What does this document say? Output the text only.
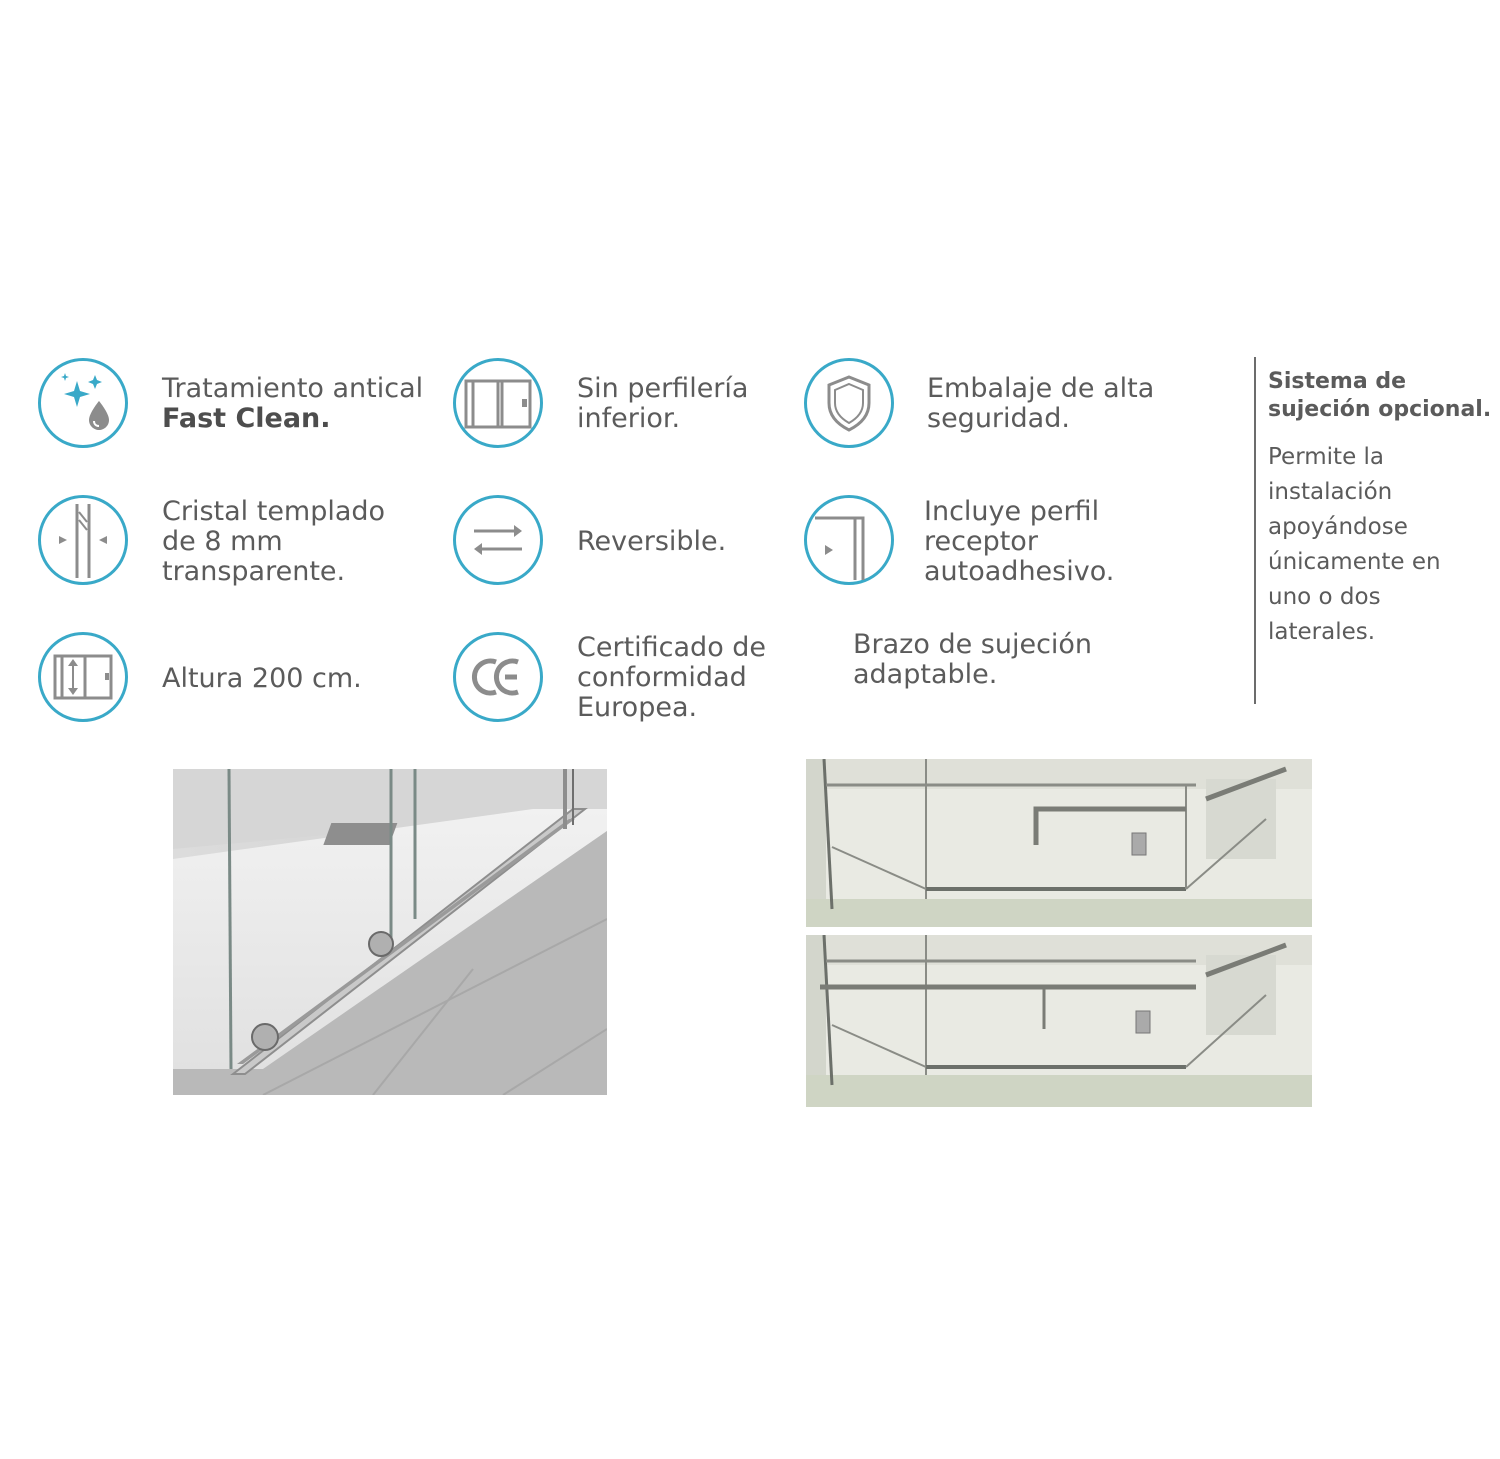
Tratamiento antical
Fast Clean.
Sin perfilería
inferior.
Embalaje de alta
seguridad.
Cristal templado
de 8 mm
transparente.
Reversible.
Incluye perfil
receptor
autoadhesivo.
Altura 200 cm.
Certificado de
conformidad
Europea.
Brazo de sujeción
adaptable.
Sistema de
sujeción opcional.
Permite la
instalación
apoyándose
únicamente en
uno o dos
laterales.
